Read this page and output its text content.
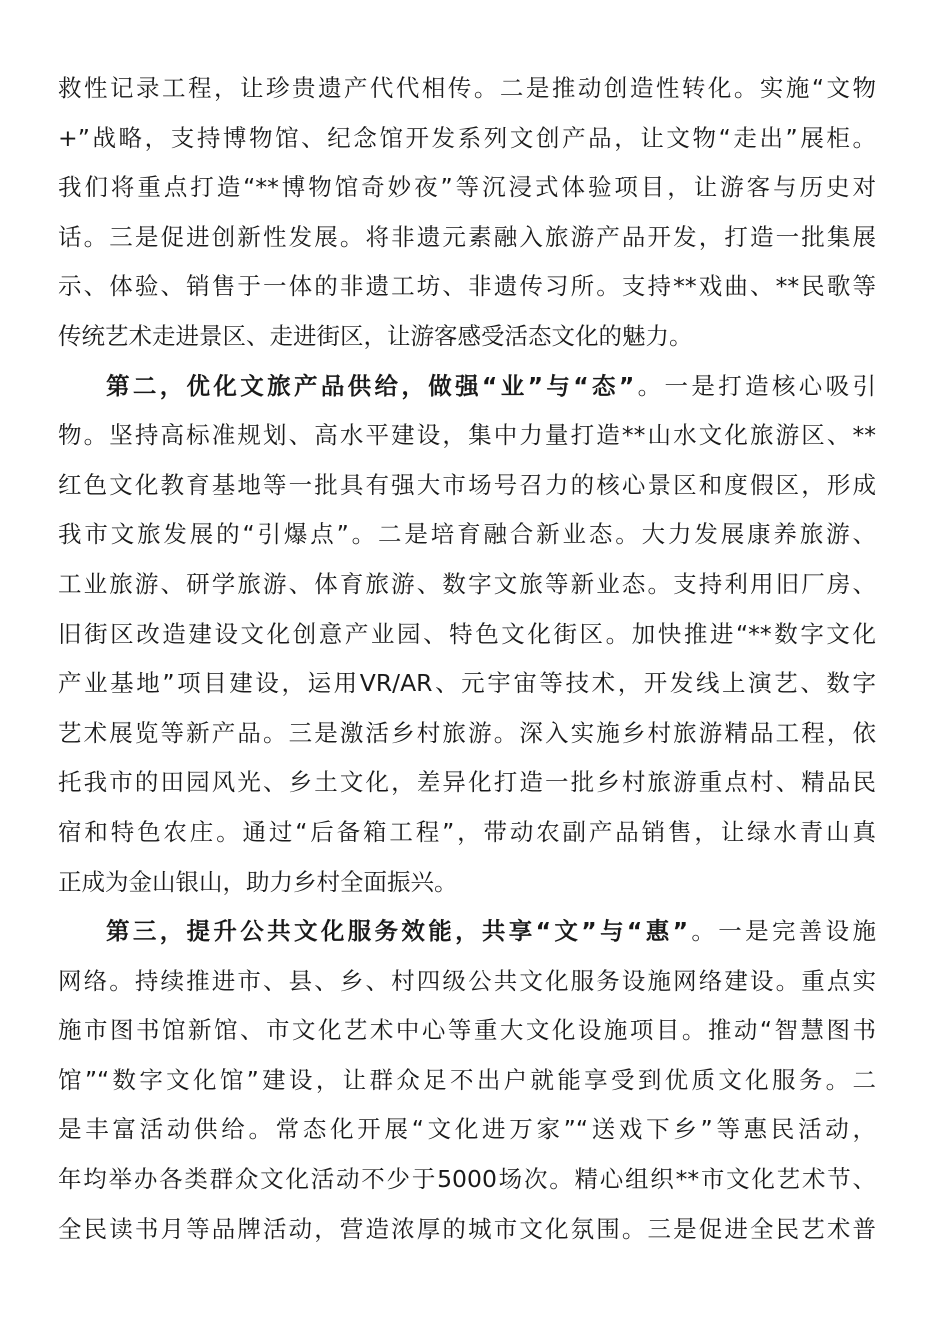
救性记录工程，让珍贵遗产代代相传。二是推动创造性转化。实施“文物
+”战略，支持博物馆、纪念馆开发系列文创产品，让文物“走出”展柜。
我们将重点打造“**博物馆奇妙夜”等沉浸式体验项目，让游客与历史对
话。三是促进创新性发展。将非遗元素融入旅游产品开发，打造一批集展
示、体验、销售于一体的非遗工坊、非遗传习所。支持**戏曲、**民歌等
传统艺术走进景区、走进街区，让游客感受活态文化的魅力。
第二，优化文旅产品供给，做强“业”与“态”。一是打造核心吸引
物。坚持高标准规划、高水平建设，集中力量打造**山水文化旅游区、**
红色文化教育基地等一批具有强大市场号召力的核心景区和度假区，形成
我市文旅发展的“引爆点”。二是培育融合新业态。大力发展康养旅游、
工业旅游、研学旅游、体育旅游、数字文旅等新业态。支持利用旧厂房、
旧街区改造建设文化创意产业园、特色文化街区。加快推进“**数字文化
产业基地”项目建设，运用VR/AR、元宇宙等技术，开发线上演艺、数字
艺术展览等新产品。三是激活乡村旅游。深入实施乡村旅游精品工程，依
托我市的田园风光、乡土文化，差异化打造一批乡村旅游重点村、精品民
宿和特色农庄。通过“后备箱工程”，带动农副产品销售，让绿水青山真
正成为金山银山，助力乡村全面振兴。
第三，提升公共文化服务效能，共享“文”与“惠”。一是完善设施
网络。持续推进市、县、乡、村四级公共文化服务设施网络建设。重点实
施市图书馆新馆、市文化艺术中心等重大文化设施项目。推动“智慧图书
馆”“数字文化馆”建设，让群众足不出户就能享受到优质文化服务。二
是丰富活动供给。常态化开展“文化进万家”“送戏下乡”等惠民活动，
年均举办各类群众文化活动不少于5000场次。精心组织**市文化艺术节、
全民读书月等品牌活动，营造浓厚的城市文化氛围。三是促进全民艺术普
